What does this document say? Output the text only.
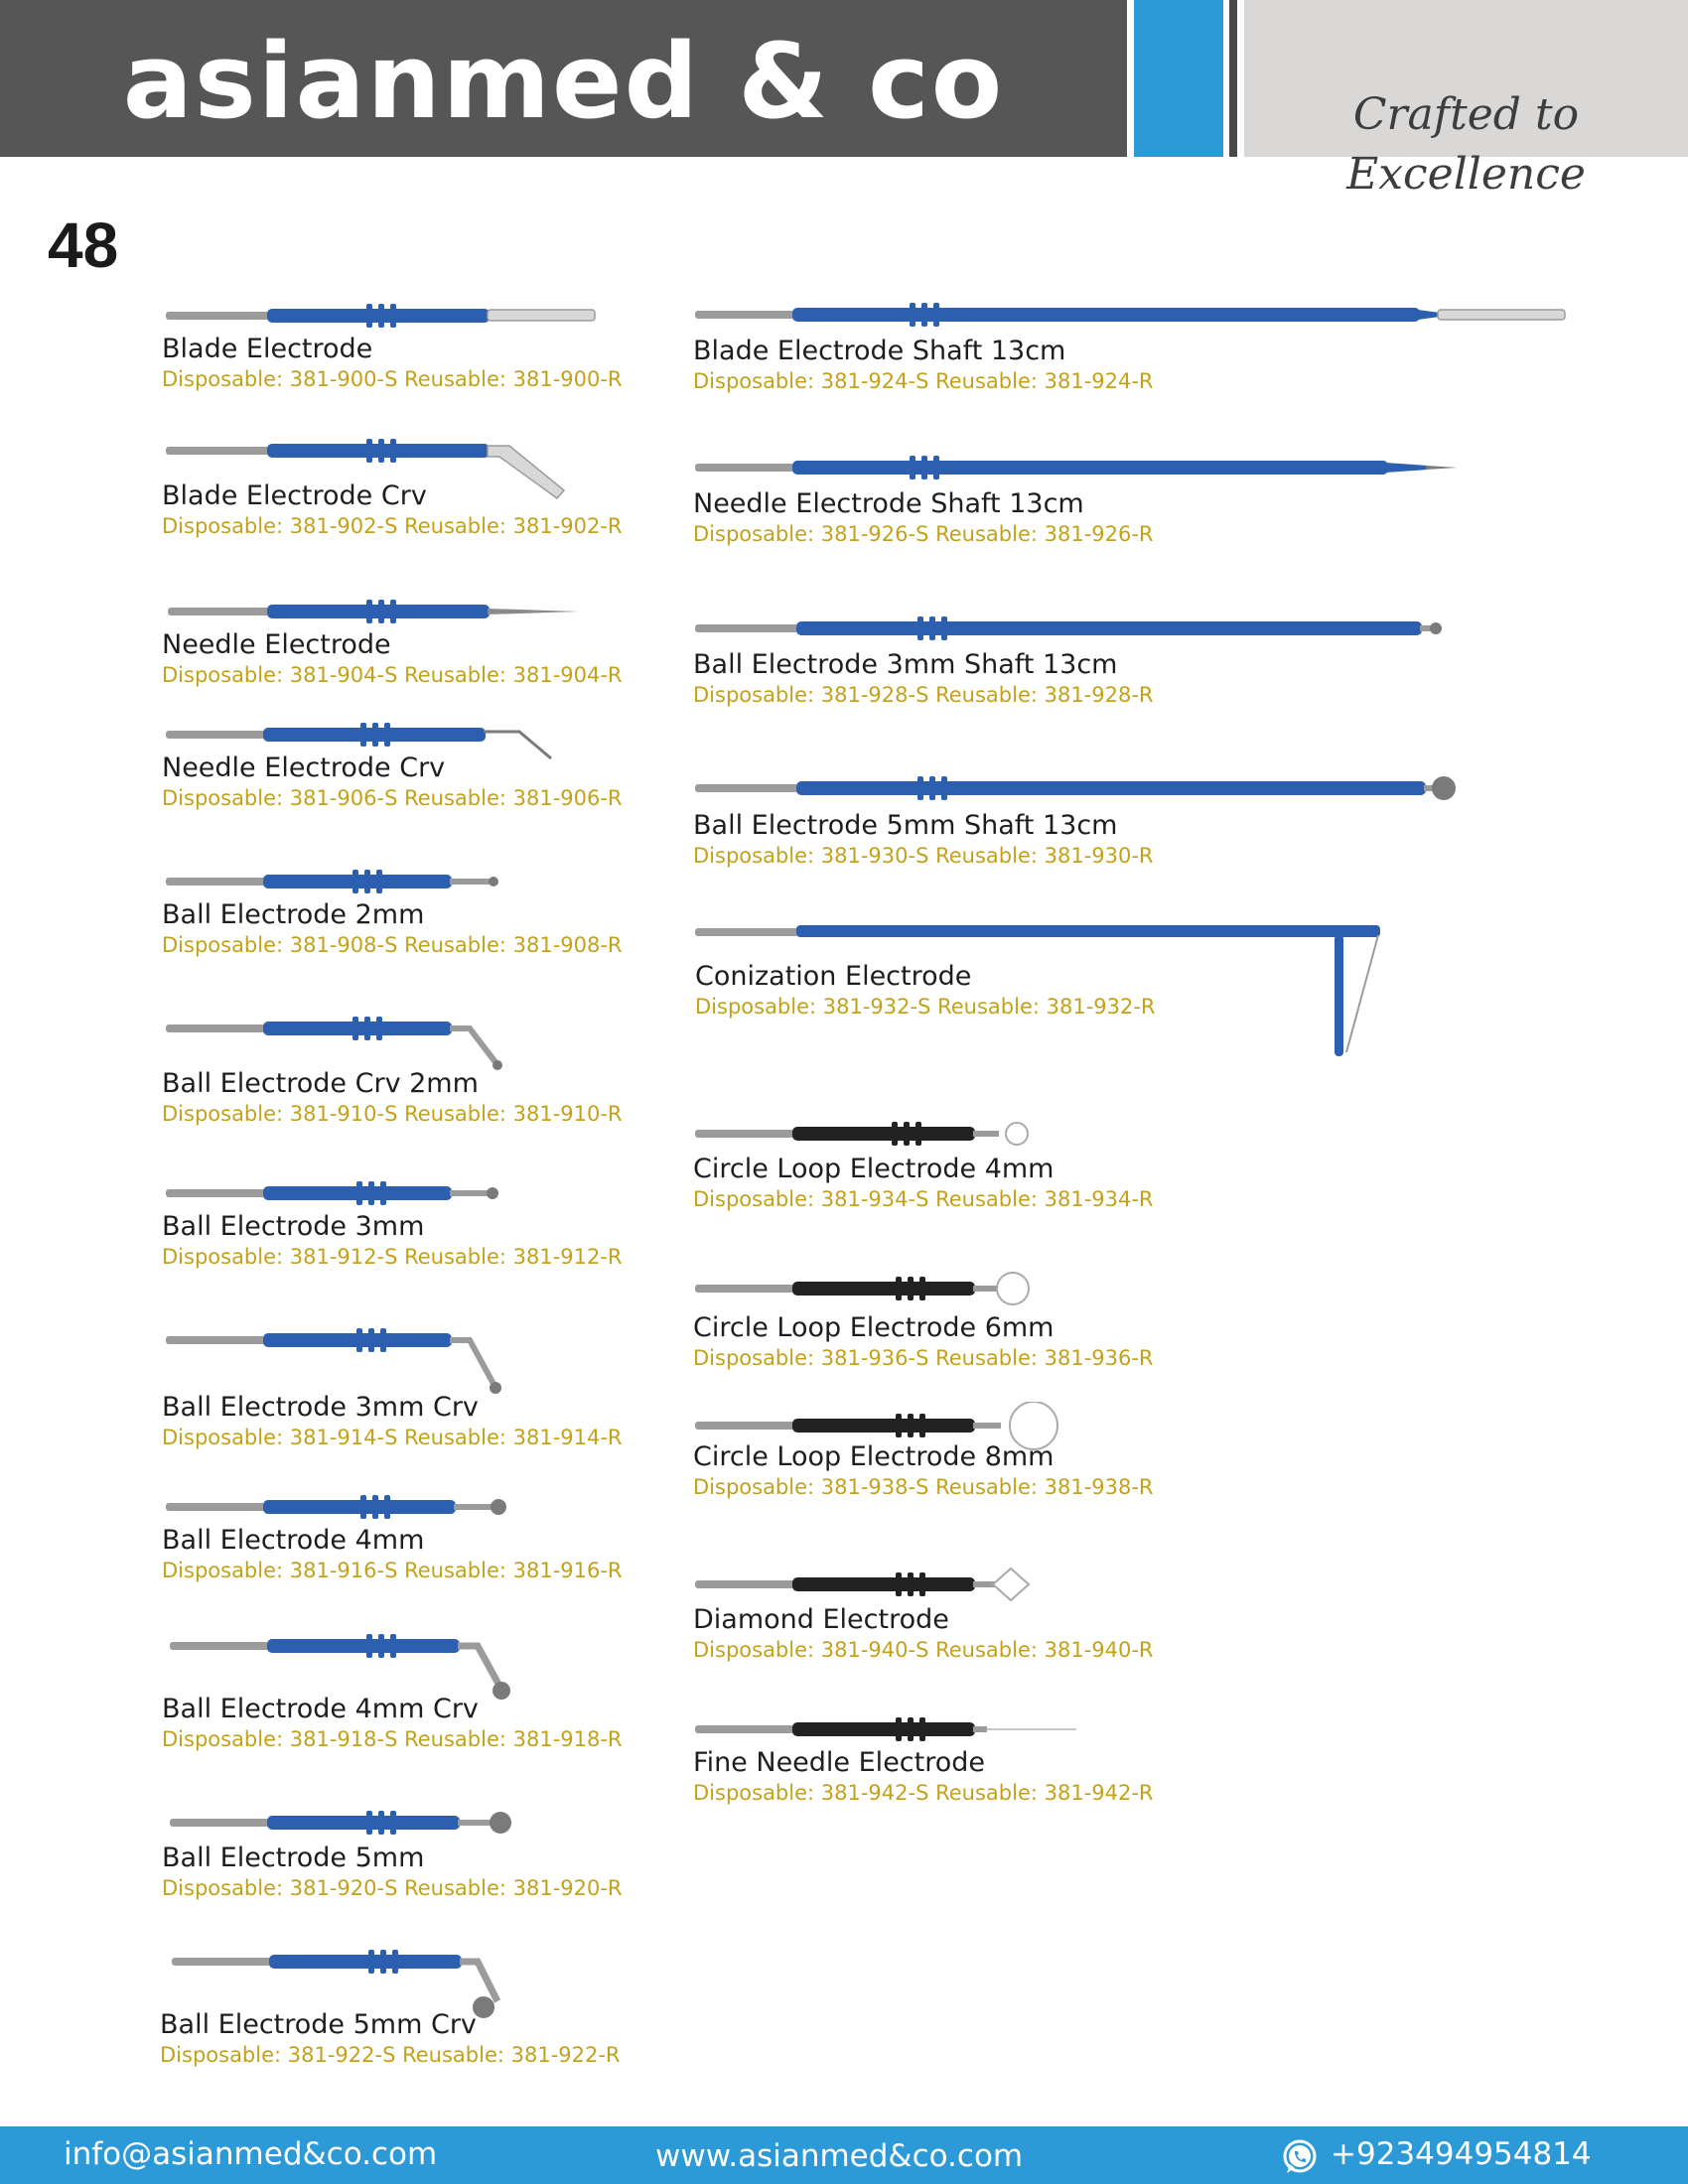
asianmed & co	Crafted to Excellence
48
Blade Electrode
Disposable: 381-900-S Reusable: 381-900-R
Blade Electrode Crv
Disposable: 381-902-S Reusable: 381-902-R
Needle Electrode
Disposable: 381-904-S Reusable: 381-904-R
Needle Electrode Crv
Disposable: 381-906-S Reusable: 381-906-R
Ball Electrode 2mm
Disposable: 381-908-S Reusable: 381-908-R
Ball Electrode Crv 2mm
Disposable: 381-910-S Reusable: 381-910-R
Ball Electrode 3mm
Disposable: 381-912-S Reusable: 381-912-R
Ball Electrode 3mm Crv
Disposable: 381-914-S Reusable: 381-914-R
Ball Electrode 4mm
Disposable: 381-916-S Reusable: 381-916-R
Ball Electrode 4mm Crv
Disposable: 381-918-S Reusable: 381-918-R
Ball Electrode 5mm
Disposable: 381-920-S Reusable: 381-920-R
Ball Electrode 5mm Crv
Disposable: 381-922-S Reusable: 381-922-R
Blade Electrode Shaft 13cm
Disposable: 381-924-S Reusable: 381-924-R
Needle Electrode Shaft 13cm
Disposable: 381-926-S Reusable: 381-926-R
Ball Electrode 3mm Shaft 13cm
Disposable: 381-928-S Reusable: 381-928-R
Ball Electrode 5mm Shaft 13cm
Disposable: 381-930-S Reusable: 381-930-R
Conization Electrode
Disposable: 381-932-S Reusable: 381-932-R
Circle Loop Electrode 4mm
Disposable: 381-934-S Reusable: 381-934-R
Circle Loop Electrode 6mm
Disposable: 381-936-S Reusable: 381-936-R
Circle Loop Electrode 8mm
Disposable: 381-938-S Reusable: 381-938-R
Diamond Electrode
Disposable: 381-940-S Reusable: 381-940-R
Fine Needle Electrode
Disposable: 381-942-S Reusable: 381-942-R
info@asianmed&co.com	www.asianmed&co.com	+923494954814
